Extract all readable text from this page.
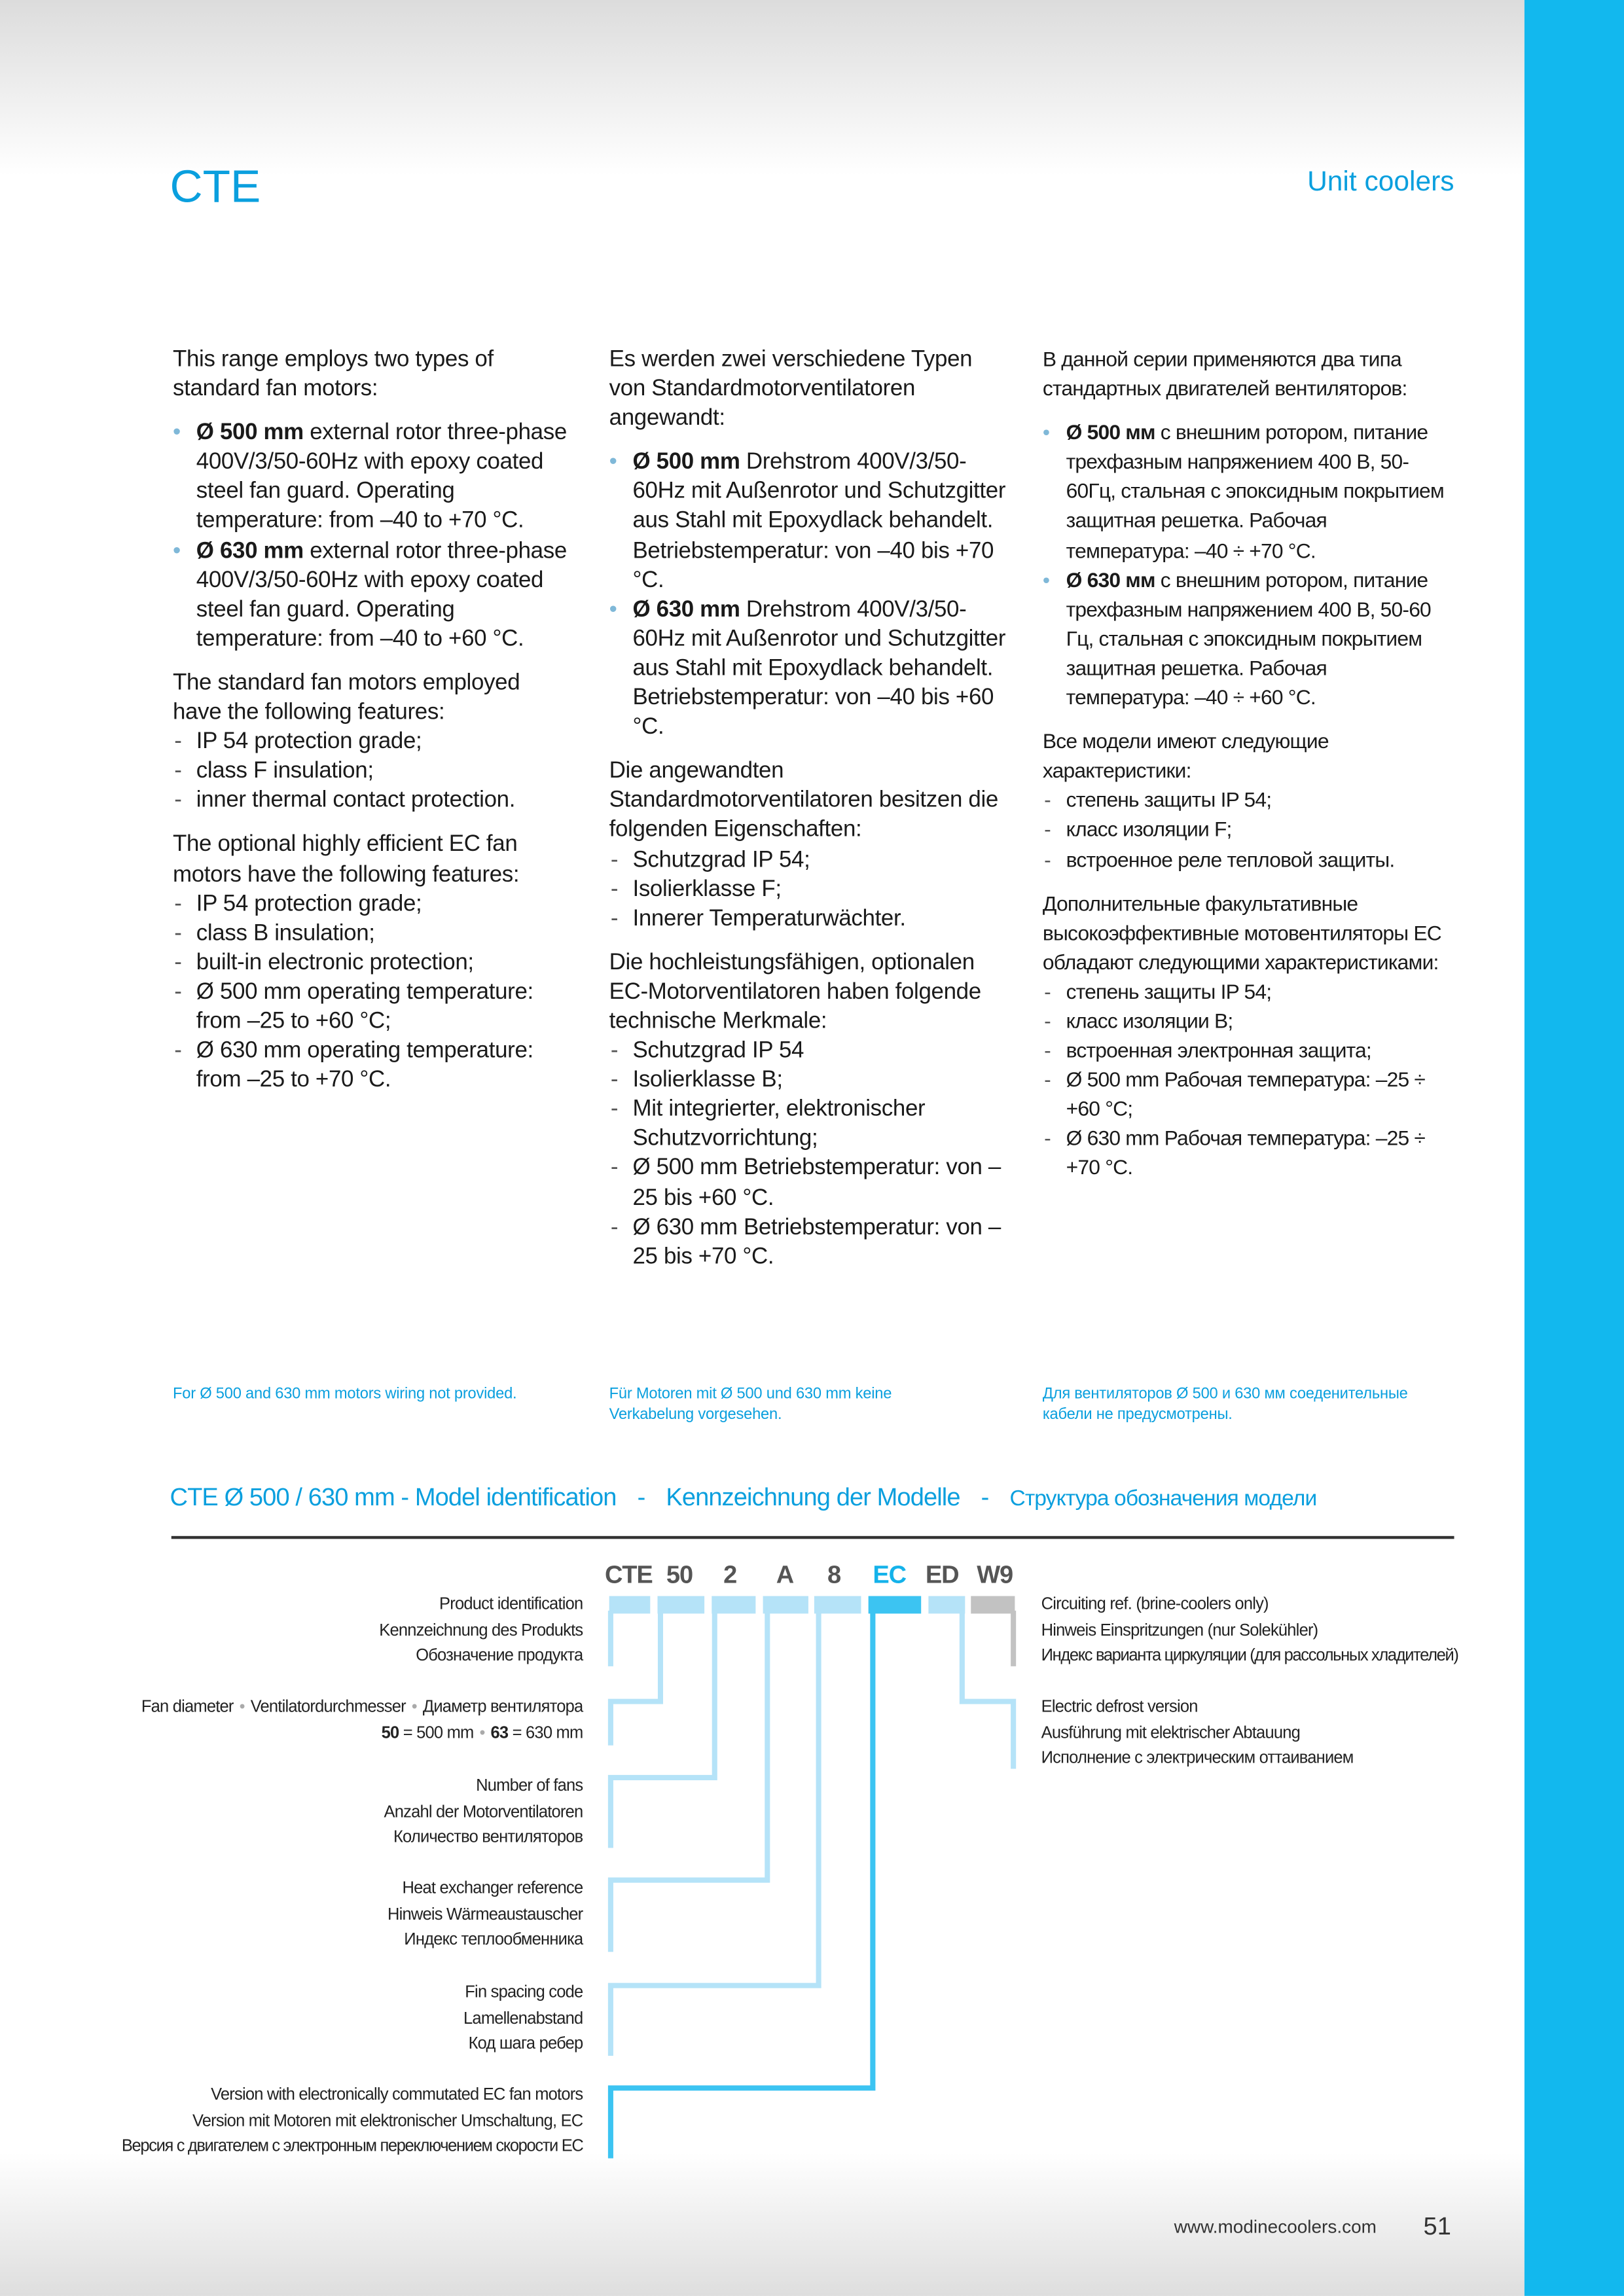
CTE	Unit coolers

This range employs two types of standard fan motors:

• Ø 500 mm external rotor three-phase 400V/3/50-60Hz with epoxy coated steel fan guard. Operating temperature: from –40 to +70 °C.
• Ø 630 mm external rotor three-phase 400V/3/50-60Hz with epoxy coated steel fan guard. Operating temperature: from –40 to +60 °C.

The standard fan motors employed have the following features:

- IP 54 protection grade;
- class F insulation;
- inner thermal contact protection.

The optional highly efficient EC fan motors have the following features:

- IP 54 protection grade;
- class B insulation;
- built-in electronic protection;
- Ø 500 mm operating temperature: from –25 to +60 °C;
- Ø 630 mm operating temperature: from –25 to +70 °C.

Es werden zwei verschiedene Typen von Standardmotorventilatoren angewandt:

• Ø 500 mm Drehstrom 400V/3/50-60Hz mit Außenrotor und Schutzgitter aus Stahl mit Epoxydlack behandelt. Betriebstemperatur: von –40 bis +70 °C.
• Ø 630 mm Drehstrom 400V/3/50-60Hz mit Außenrotor und Schutzgitter aus Stahl mit Epoxydlack behandelt. Betriebstemperatur: von –40 bis +60 °C.

Die angewandten Standardmotorventilatoren besitzen die folgenden Eigenschaften:

- Schutzgrad IP 54;
- Isolierklasse F;
- Innerer Temperaturwächter.

Die hochleistungsfähigen, optionalen EC-Motorventilatoren haben folgende technische Merkmale:

- Schutzgrad IP 54
- Isolierklasse B;
- Mit integrierter, elektronischer Schutzvorrichtung;
- Ø 500 mm Betriebstemperatur: von –25 bis +60 °C.
- Ø 630 mm Betriebstemperatur: von –25 bis +70 °C.

В данной серии применяются два типа стандартных двигателей вентиляторов:

• Ø 500 мм с внешним ротором, питание трехфазным напряжением 400 В, 50-60Гц, стальная с эпоксидным покрытием защитная решетка. Рабочая температура: –40 ÷ +70 °C.
• Ø 630 мм с внешним ротором, питание трехфазным напряжением 400 В, 50-60 Гц, стальная с эпоксидным покрытием защитная решетка. Рабочая температура: –40 ÷ +60 °C.

Все модели имеют следующие характеристики:

- степень защиты IP 54;
- класс изоляции F;
- встроенное реле тепловой защиты.

Дополнительные факультативные высокоэффективные мотовентиляторы EC обладают следующими характеристиками:

- степень защиты IP 54;
- класс изоляции B;
- встроенная электронная защита;
- Ø 500 mm Рабочая температура: –25 ÷ +60 °C;
- Ø 630 mm Рабочая температура: –25 ÷ +70 °C.
For Ø 500 and 630 mm motors wiring not provided.	Für Motoren mit Ø 500 und 630 mm keine Verkabelung vorgesehen.
Для вентиляторов Ø 500 и 630 мм соеденительные кабели не предусмотрены.
CTE Ø 500 / 630 mm - Model identification - Kennzeichnung der Modelle - Структура обозначения модели
CTE 50	2	A	8	EC ED W9
Product identification
Kennzeichnung des Produkts
Обозначение продукта
Fan diameter • Ventilatordurchmesser • Диаметр вентилятора
50 = 500 mm • 63 = 630 mm
Number of fans
Anzahl der Motorventilatoren
Количество вентиляторов
Heat exchanger reference
Hinweis Wärmeaustauscher
Индекс теплообменника
Fin spacing code
Lamellenabstand
Код шага ребер
Version with electronically commutated EC fan motors
Version mit Motoren mit elektronischer Umschaltung, EC
Версия с двигателем с электронным переключением скорости EC
Circuiting ref. (brine-coolers only)
Hinweis Einspritzungen (nur Solekühler)
Индекс варианта циркуляции (для рассольных хладителей)
Electric defrost version
Ausführung mit elektrischer Abtauung
Исполнение с электрическим оттаиванием
www.modinecoolers.com	51
